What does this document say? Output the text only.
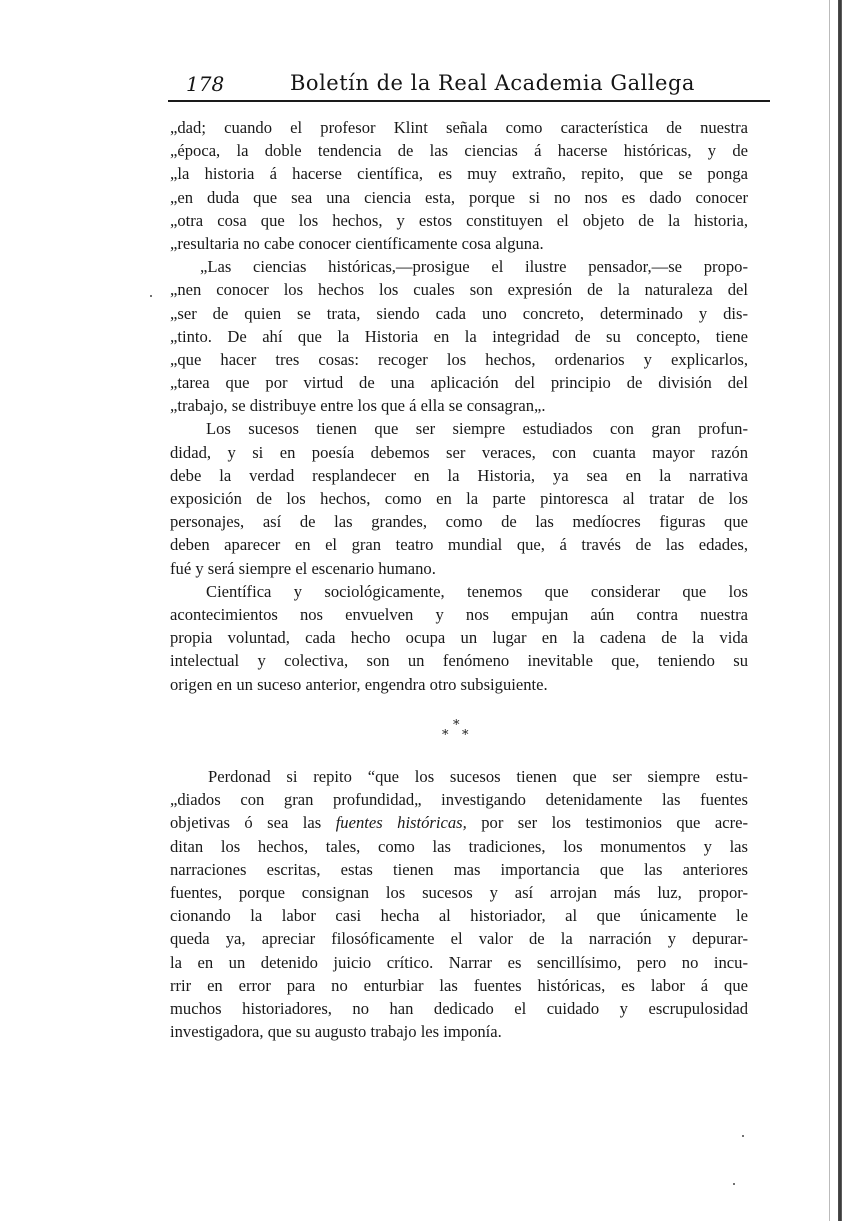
178	Boletín de la Real Academia Gallega
„dad; cuando el profesor Klint señala como característica de nuestra
„época, la doble tendencia de las ciencias á hacerse históricas, y de
„la historia á hacerse científica, es muy extraño, repito, que se ponga
„en duda que sea una ciencia esta, porque si no nos es dado conocer
„otra cosa que los hechos, y estos constituyen el objeto de la historia,
„resultaria no cabe conocer científicamente cosa alguna.
„Las ciencias históricas,—prosigue el ilustre pensador,—se propo-
„nen conocer los hechos los cuales son expresión de la naturaleza del
„ser de quien se trata, siendo cada uno concreto, determinado y dis-
„tinto. De ahí que la Historia en la integridad de su concepto, tiene
„que hacer tres cosas: recoger los hechos, ordenarios y explicarlos,
„tarea que por virtud de una aplicación del principio de división del
„trabajo, se distribuye entre los que á ella se consagran„.
Los sucesos tienen que ser siempre estudiados con gran profun-
didad, y si en poesía debemos ser veraces, con cuanta mayor razón
debe la verdad resplandecer en la Historia, ya sea en la narrativa
exposición de los hechos, como en la parte pintoresca al tratar de los
personajes, así de las grandes, como de las medíocres figuras que
deben aparecer en el gran teatro mundial que, á través de las edades,
fué y será siempre el escenario humano.
Científica y sociológicamente, tenemos que considerar que los
acontecimientos nos envuelven y nos empujan aún contra nuestra
propia voluntad, cada hecho ocupa un lugar en la cadena de la vida
intelectual y colectiva, son un fenómeno inevitable que, teniendo su
origen en un suceso anterior, engendra otro subsiguiente.
*
* *
Perdonad si repito “que los sucesos tienen que ser siempre estu-
„diados con gran profundidad„ investigando detenidamente las fuentes
objetivas ó sea las fuentes históricas, por ser los testimonios que acre-
ditan los hechos, tales, como las tradiciones, los monumentos y las
narraciones escritas, estas tienen mas importancia que las anteriores
fuentes, porque consignan los sucesos y así arrojan más luz, propor-
cionando la labor casi hecha al historiador, al que únicamente le
queda ya, apreciar filosóficamente el valor de la narración y depurar-
la en un detenido juicio crítico. Narrar es sencillísimo, pero no incu-
rrir en error para no enturbiar las fuentes históricas, es labor á que
muchos historiadores, no han dedicado el cuidado y escrupulosidad
investigadora, que su augusto trabajo les imponía.
